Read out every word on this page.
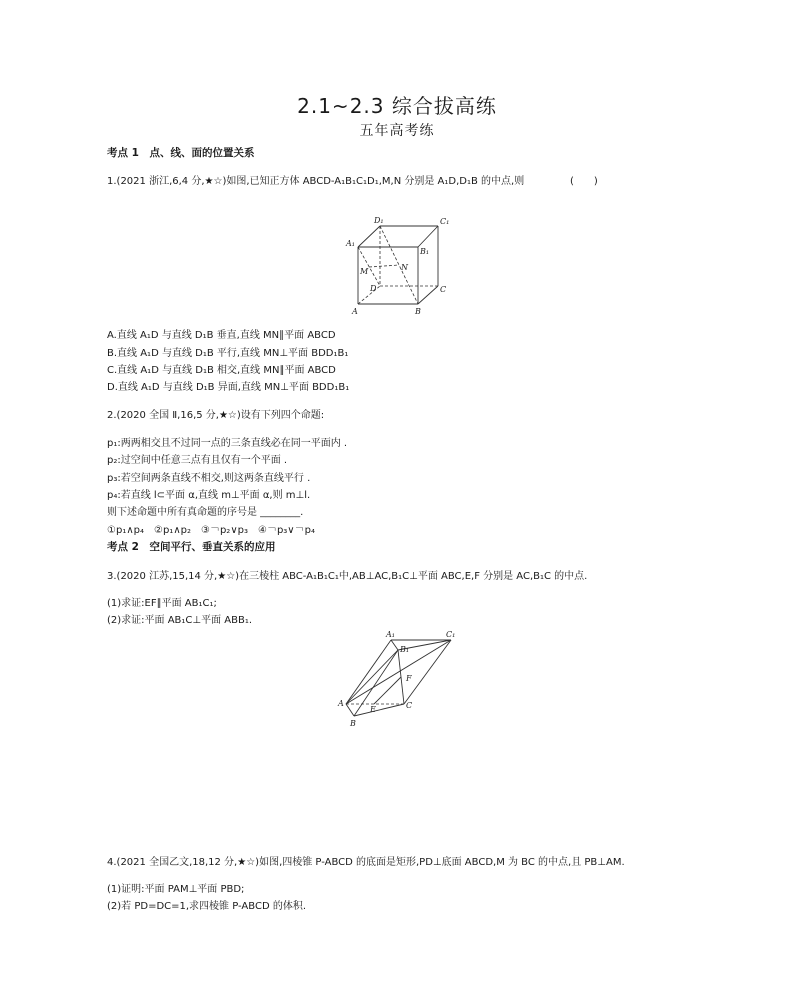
2.1~2.3 综合拔高练
五年高考练
考点 1　点、线、面的位置关系
1.(2021 浙江,6,4 分,★☆)如图,已知正方体 ABCD-A₁B₁C₁D₁,M,N 分别是 A₁D,D₁B 的中点,则	(　　)
D₁	C₁
A₁
B₁
M	N
D	C
A	B
A.直线 A₁D 与直线 D₁B 垂直,直线 MN∥平面 ABCD
B.直线 A₁D 与直线 D₁B 平行,直线 MN⊥平面 BDD₁B₁
C.直线 A₁D 与直线 D₁B 相交,直线 MN∥平面 ABCD
D.直线 A₁D 与直线 D₁B 异面,直线 MN⊥平面 BDD₁B₁
2.(2020 全国 Ⅱ,16,5 分,★☆)设有下列四个命题:
p₁:两两相交且不过同一点的三条直线必在同一平面内 .
p₂:过空间中任意三点有且仅有一个平面 .
p₃:若空间两条直线不相交,则这两条直线平行 .
p₄:若直线 l⊂平面 α,直线 m⊥平面 α,则 m⊥l.
则下述命题中所有真命题的序号是 ________.
①p₁∧p₄　②p₁∧p₂　③￢p₂∨p₃　④￢p₃∨￢p₄
考点 2　空间平行、垂直关系的应用
3.(2020 江苏,15,14 分,★☆)在三棱柱 ABC-A₁B₁C₁中,AB⊥AC,B₁C⊥平面 ABC,E,F 分别是 AC,B₁C 的中点.
(1)求证:EF∥平面 AB₁C₁;
(2)求证:平面 AB₁C⊥平面 ABB₁.
A₁	C₁
B₁
F
A
E	C
B
4.(2021 全国乙文,18,12 分,★☆)如图,四棱锥 P-ABCD 的底面是矩形,PD⊥底面 ABCD,M 为 BC 的中点,且 PB⊥AM.
(1)证明:平面 PAM⊥平面 PBD;
(2)若 PD=DC=1,求四棱锥 P-ABCD 的体积.
